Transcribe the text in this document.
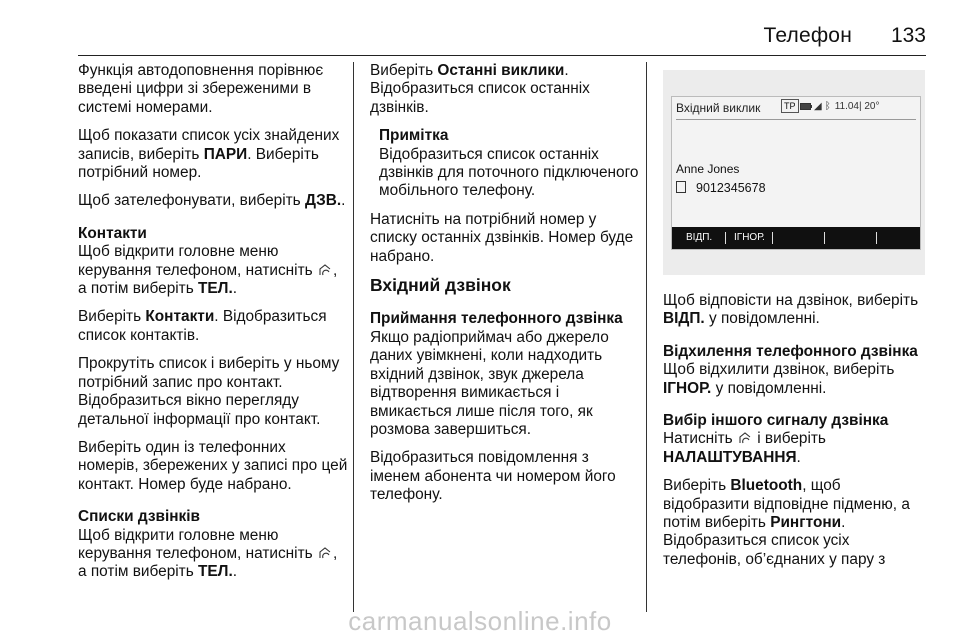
Телефон 133

Функція автодоповнення порівнює введені цифри зі збереженими в системі номерами.

Щоб показати список усіх знайдених записів, виберіть ПАРИ. Виберіть потрібний номер.

Щоб зателефонувати, виберіть ДЗВ..

Контакти

Щоб відкрити головне меню керування телефоном, натисніть , а потім виберіть ТЕЛ..

Виберіть Контакти. Відобразиться список контактів.

Прокрутіть список і виберіть у ньому потрібний запис про контакт. Відобразиться вікно перегляду детальної інформації про контакт.

Виберіть один із телефонних номерів, збережених у записі про цей контакт. Номер буде набрано.

Списки дзвінків

Щоб відкрити головне меню керування телефоном, натисніть , а потім виберіть ТЕЛ..

Виберіть Останні виклики. Відобразиться список останніх дзвінків.

Примітка
Відобразиться список останніх дзвінків для поточного підключеного мобільного телефону.

Натисніть на потрібний номер у списку останніх дзвінків. Номер буде набрано.

Вхідний дзвінок
Приймання телефонного дзвінка

Якщо радіоприймач або джерело даних увімкнені, коли надходить вхідний дзвінок, звук джерела відтворення вимикається і вмикається лише після того, як розмова завершиться.

Відобразиться повідомлення з іменем абонента чи номером його телефону.

Вхідний виклик	TP	◢ ᛒ 11.04| 20°
Anne Jones
9012345678
ВІДП. ІГНОР.

Щоб відповісти на дзвінок, виберіть ВІДП. у повідомленні.

Відхилення телефонного дзвінка

Щоб відхилити дзвінок, виберіть ІГНОР. у повідомленні.

Вибір іншого сигналу дзвінка

Натисніть  і виберіть
НАЛАШТУВАННЯ.

Виберіть Bluetooth, щоб відобразити відповідне підменю, а потім виберіть Рингтони.

Відобразиться список усіх телефонів, об’єднаних у пару з

carmanualsonline.info
